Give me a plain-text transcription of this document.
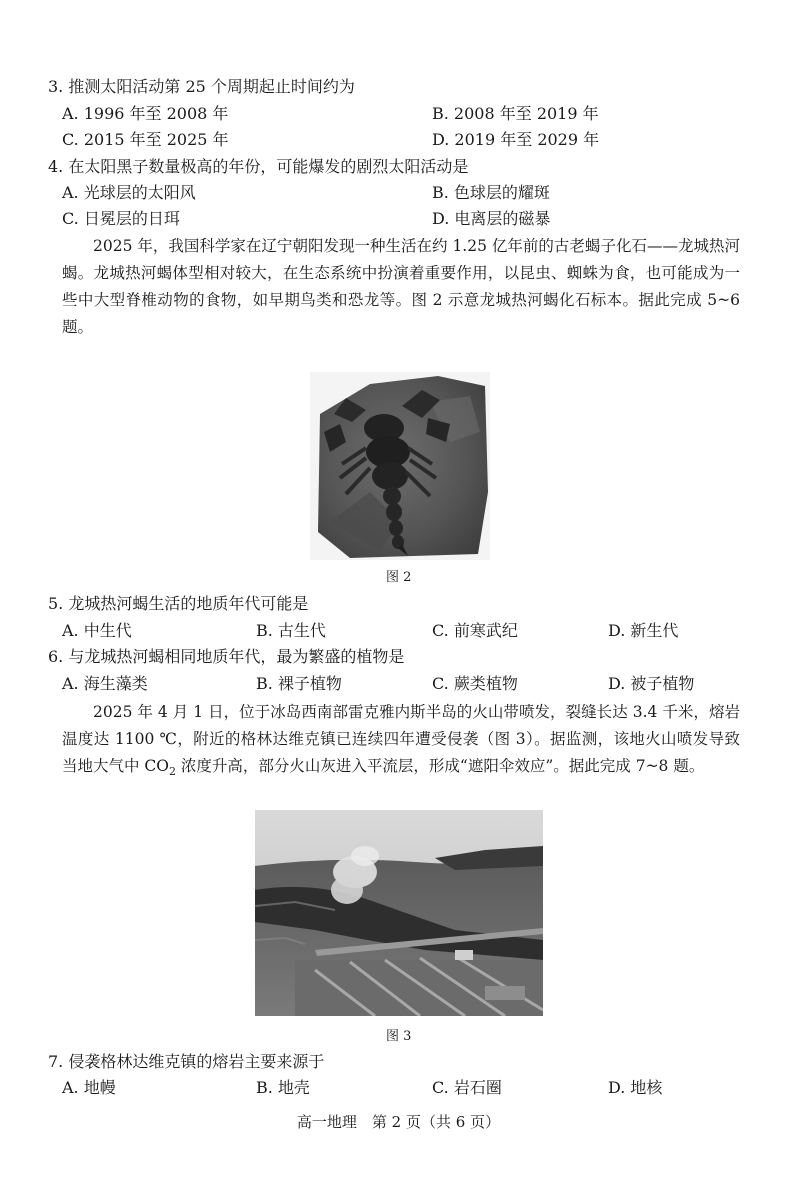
3. 推测太阳活动第 25 个周期起止时间约为
A. 1996 年至 2008 年	B. 2008 年至 2019 年
C. 2015 年至 2025 年	D. 2019 年至 2029 年
4. 在太阳黑子数量极高的年份，可能爆发的剧烈太阳活动是
A. 光球层的太阳风	B. 色球层的耀斑
C. 日冕层的日珥	D. 电离层的磁暴
2025 年，我国科学家在辽宁朝阳发现一种生活在约 1.25 亿年前的古老蝎子化石——龙城热河蝎。龙城热河蝎体型相对较大，在生态系统中扮演着重要作用，以昆虫、蜘蛛为食，也可能成为一些中大型脊椎动物的食物，如早期鸟类和恐龙等。图 2 示意龙城热河蝎化石标本。据此完成 5~6 题。
图 2
5. 龙城热河蝎生活的地质年代可能是
A. 中生代	B. 古生代	C. 前寒武纪	D. 新生代
6. 与龙城热河蝎相同地质年代，最为繁盛的植物是
A. 海生藻类	B. 裸子植物	C. 蕨类植物	D. 被子植物
2025 年 4 月 1 日，位于冰岛西南部雷克雅内斯半岛的火山带喷发，裂缝长达 3.4 千米，熔岩温度达 1100 ℃，附近的格林达维克镇已连续四年遭受侵袭（图 3）。据监测，该地火山喷发导致当地大气中 $CO_2$ 浓度升高，部分火山灰进入平流层，形成“遮阳伞效应”。据此完成 7~8 题。
图 3
7. 侵袭格林达维克镇的熔岩主要来源于
A. 地幔	B. 地壳	C. 岩石圈	D. 地核
高一地理　第 2 页（共 6 页）
